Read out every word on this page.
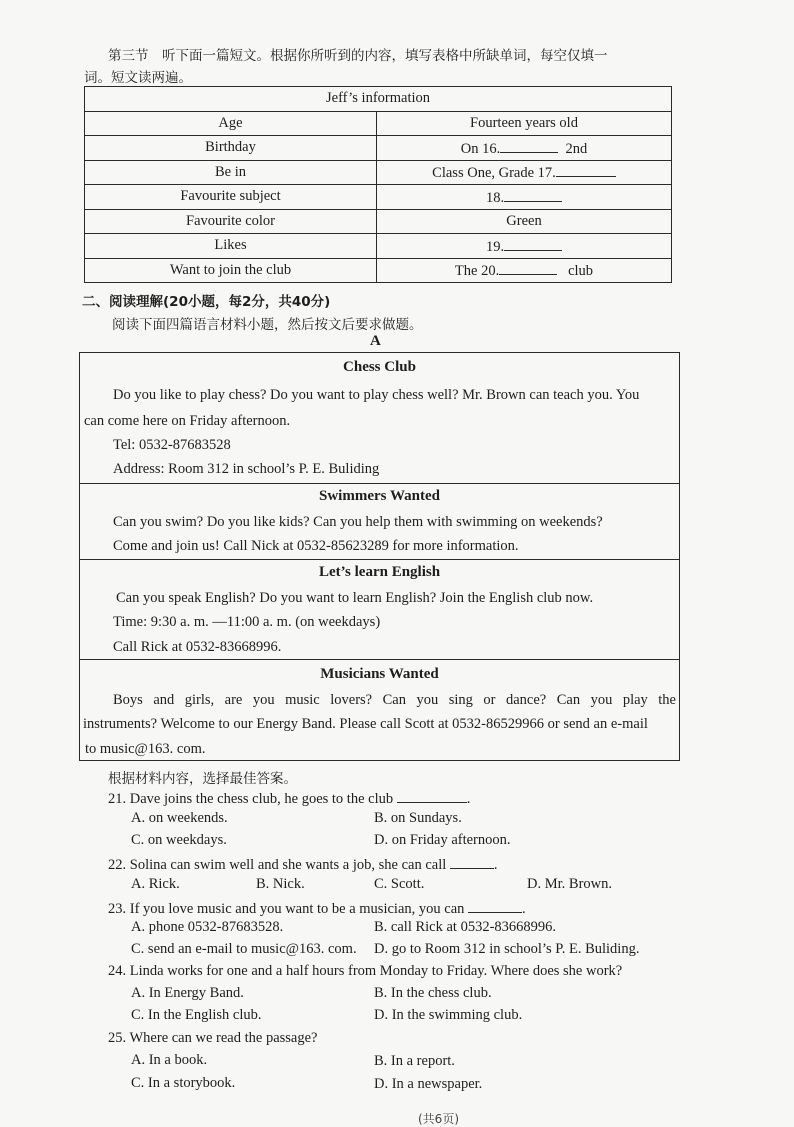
第三节　听下面一篇短文。根据你所听到的内容，填写表格中所缺单词，每空仅填一
词。短文读两遍。
Jeff’s information	
Age	Fourteen years old
Birthday	On 16. 2nd
Be in	Class One, Grade 17.
Favourite subject	18.
Favourite color	Green
Likes	19.
Want to join the club	The 20. club
二、阅读理解(20小题，每2分，共40分)
阅读下面四篇语言材料小题，然后按文后要求做题。
A
Chess Club
Do you like to play chess? Do you want to play chess well? Mr. Brown can teach you. You
can come here on Friday afternoon.
Tel: 0532-87683528
Address: Room 312 in school’s P. E. Buliding
Swimmers Wanted
Can you swim? Do you like kids? Can you help them with swimming on weekends?
Come and join us! Call Nick at 0532-85623289 for more information.
Let’s learn English
Can you speak English? Do you want to learn English? Join the English club now.
Time: 9:30 a. m. —11:00 a. m. (on weekdays)
Call Rick at 0532-83668996.
Musicians Wanted
Boys and girls, are you music lovers? Can you sing or dance? Can you play the
instruments? Welcome to our Energy Band. Please call Scott at 0532-86529966 or send an e-mail
to music@163. com.
根据材料内容，选择最佳答案。
21. Dave joins the chess club, he goes to the club	.
A. on weekends.	B. on Sundays.
C. on weekdays.	D. on Friday afternoon.
22. Solina can swim well and she wants a job, she can call	.
A. Rick.	B. Nick.	C. Scott.	D. Mr. Brown.
23. If you love music and you want to be a musician, you can	.
A. phone 0532-87683528.	B. call Rick at 0532-83668996.
C. send an e-mail to music@163. com. D. go to Room 312 in school’s P. E. Buliding.
24. Linda works for one and a half hours from Monday to Friday. Where does she work?
A. In Energy Band.	B. In the chess club.
C. In the English club.	D. In the swimming club.
25. Where can we read the passage?
A. In a book.	B. In a report.
C. In a storybook.	D. In a newspaper.
(共6页)
